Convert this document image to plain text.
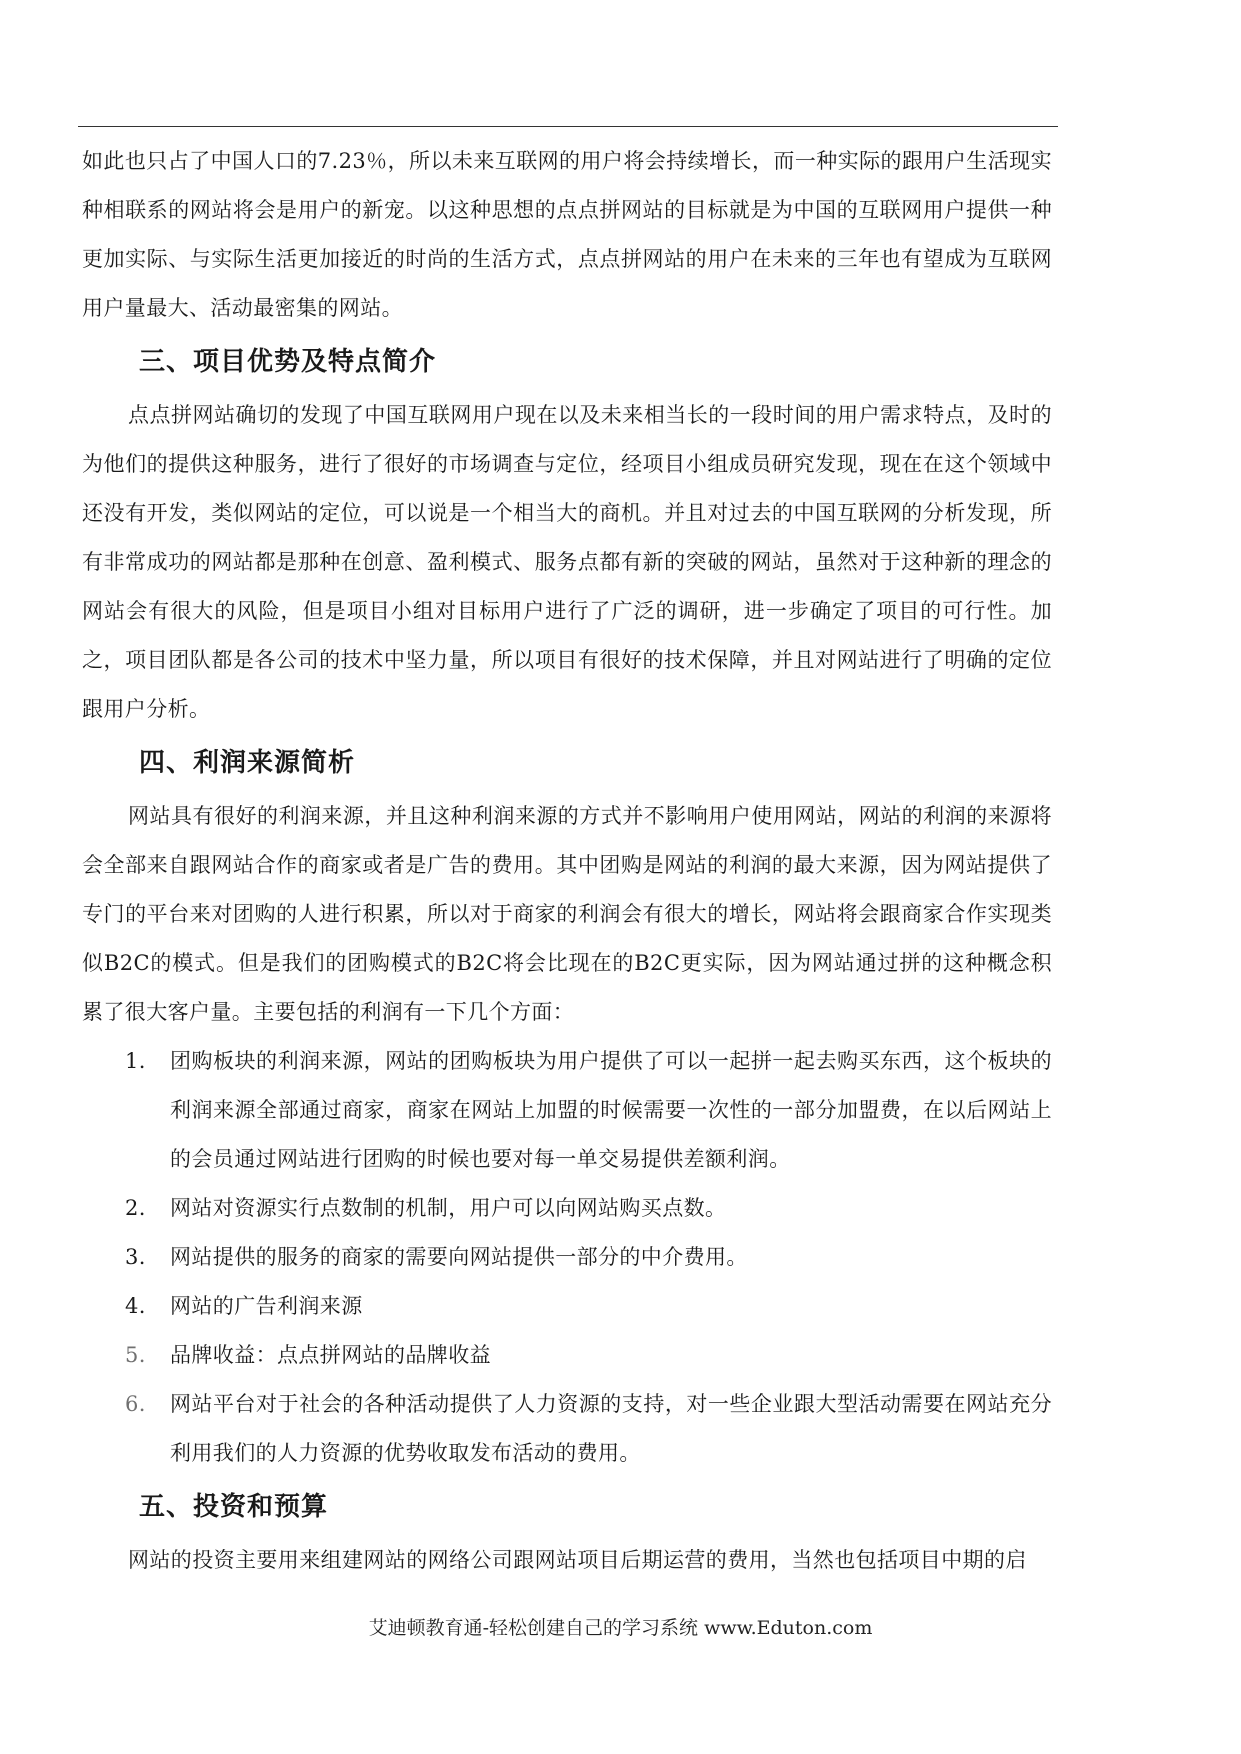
如此也只占了中国人口的7.23％，所以未来互联网的用户将会持续增长，而一种实际的跟用户生活现实种相联系的网站将会是用户的新宠。以这种思想的点点拼网站的目标就是为中国的互联网用户提供一种更加实际、与实际生活更加接近的时尚的生活方式，点点拼网站的用户在未来的三年也有望成为互联网用户量最大、活动最密集的网站。

三、项目优势及特点简介

点点拼网站确切的发现了中国互联网用户现在以及未来相当长的一段时间的用户需求特点，及时的为他们的提供这种服务，进行了很好的市场调查与定位，经项目小组成员研究发现，现在在这个领域中还没有开发，类似网站的定位，可以说是一个相当大的商机。并且对过去的中国互联网的分析发现，所有非常成功的网站都是那种在创意、盈利模式、服务点都有新的突破的网站，虽然对于这种新的理念的网站会有很大的风险，但是项目小组对目标用户进行了广泛的调研，进一步确定了项目的可行性。加之，项目团队都是各公司的技术中坚力量，所以项目有很好的技术保障，并且对网站进行了明确的定位跟用户分析。

四、利润来源简析

网站具有很好的利润来源，并且这种利润来源的方式并不影响用户使用网站，网站的利润的来源将会全部来自跟网站合作的商家或者是广告的费用。其中团购是网站的利润的最大来源，因为网站提供了专门的平台来对团购的人进行积累，所以对于商家的利润会有很大的增长，网站将会跟商家合作实现类似B2C的模式。但是我们的团购模式的B2C将会比现在的B2C更实际，因为网站通过拼的这种概念积累了很大客户量。主要包括的利润有一下几个方面：

1.	团购板块的利润来源，网站的团购板块为用户提供了可以一起拼一起去购买东西，这个板块的利润来源全部通过商家，商家在网站上加盟的时候需要一次性的一部分加盟费，在以后网站上的会员通过网站进行团购的时候也要对每一单交易提供差额利润。
2.	网站对资源实行点数制的机制，用户可以向网站购买点数。
3.	网站提供的服务的商家的需要向网站提供一部分的中介费用。
4.	网站的广告利润来源
5.	品牌收益：点点拼网站的品牌收益
6.	网站平台对于社会的各种活动提供了人力资源的支持，对一些企业跟大型活动需要在网站充分利用我们的人力资源的优势收取发布活动的费用。
五、投资和预算

网站的投资主要用来组建网站的网络公司跟网站项目后期运营的费用，当然也包括项目中期的启

艾迪顿教育通-轻松创建自己的学习系统 www.Eduton.com
